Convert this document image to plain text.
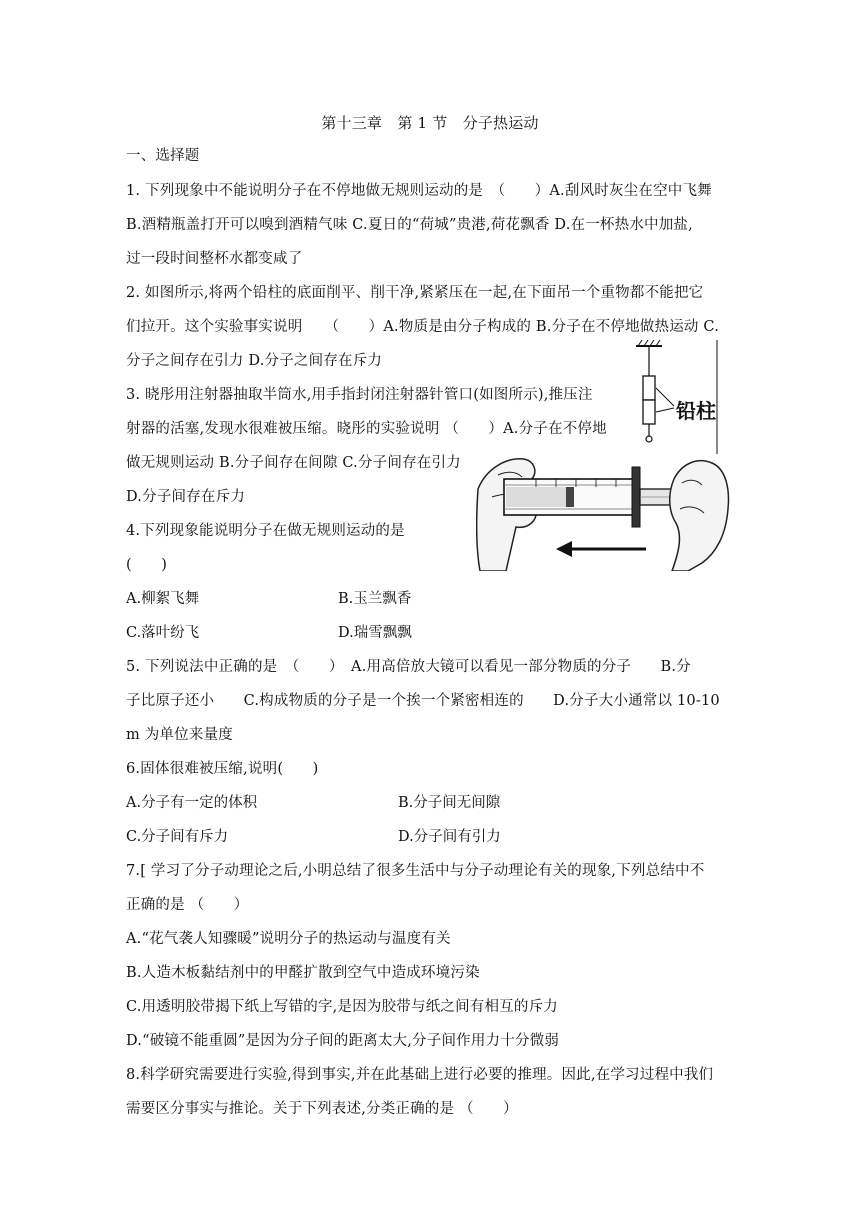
第十三章　第 1 节　分子热运动
一、选择题
1. 下列现象中不能说明分子在不停地做无规则运动的是　（　　）A.刮风时灰尘在空中飞舞
B.酒精瓶盖打开可以嗅到酒精气味 C.夏日的“荷城”贵港,荷花飘香 D.在一杯热水中加盐,
过一段时间整杯水都变咸了
2. 如图所示,将两个铅柱的底面削平、削干净,紧紧压在一起,在下面吊一个重物都不能把它
们拉开。这个实验事实说明　　（　　）A.物质是由分子构成的 B.分子在不停地做热运动 C.
分子之间存在引力 D.分子之间存在斥力
3. 晓彤用注射器抽取半筒水,用手指封闭注射器针管口(如图所示),推压注
射器的活塞,发现水很难被压缩。晓彤的实验说明 （　　）A.分子在不停地
做无规则运动 B.分子间存在间隙 C.分子间存在引力
D.分子间存在斥力
4.下列现象能说明分子在做无规则运动的是
(　　)
A.柳絮飞舞	B.玉兰飘香
C.落叶纷飞	D.瑞雪飘飘
5. 下列说法中正确的是　（　　）　A.用高倍放大镜可以看见一部分物质的分子　　B.分
子比原子还小　　C.构成物质的分子是一个挨一个紧密相连的　　D.分子大小通常以 10-10
m 为单位来量度
6.固体很难被压缩,说明(　　)
A.分子有一定的体积	B.分子间无间隙
C.分子间有斥力	D.分子间有引力
7.[ 学习了分子动理论之后,小明总结了很多生活中与分子动理论有关的现象,下列总结中不
正确的是 （　　）
A.“花气袭人知骤暖”说明分子的热运动与温度有关
B.人造木板黏结剂中的甲醛扩散到空气中造成环境污染
C.用透明胶带揭下纸上写错的字,是因为胶带与纸之间有相互的斥力
D.“破镜不能重圆”是因为分子间的距离太大,分子间作用力十分微弱
8.科学研究需要进行实验,得到事实,并在此基础上进行必要的推理。因此,在学习过程中我们
需要区分事实与推论。关于下列表述,分类正确的是 （　　）
铅柱
